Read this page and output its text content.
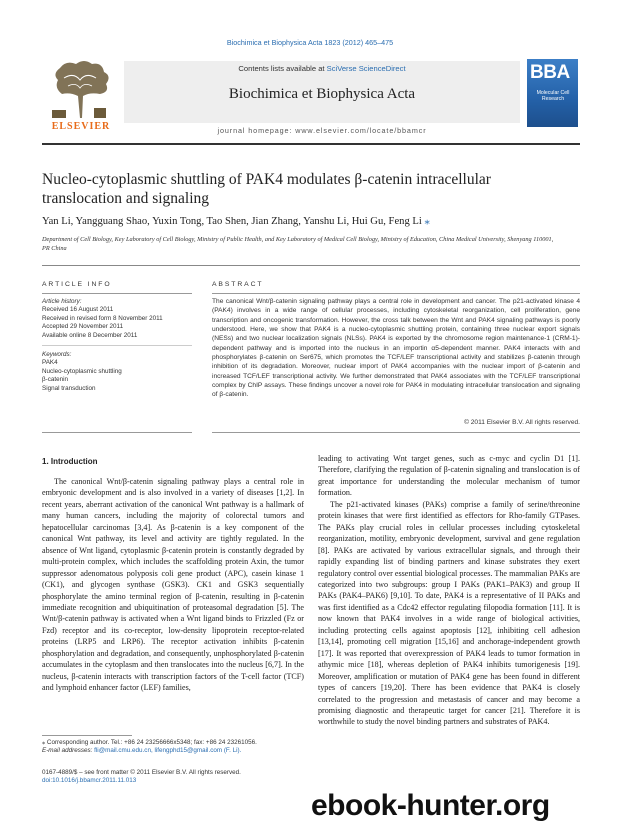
Biochimica et Biophysica Acta 1823 (2012) 465–475
ELSEVIER
Contents lists available at SciVerse ScienceDirect
Biochimica et Biophysica Acta
journal homepage: www.elsevier.com/locate/bbamcr
BBA
Molecular Cell Research
Nucleo-cytoplasmic shuttling of PAK4 modulates β-catenin intracellular translocation and signaling
Yan Li, Yangguang Shao, Yuxin Tong, Tao Shen, Jian Zhang, Yanshu Li, Hui Gu, Feng Li ⁎
Department of Cell Biology, Key Laboratory of Cell Biology, Ministry of Public Health, and Key Laboratory of Medical Cell Biology, Ministry of Education, China Medical University, Shenyang 110001, PR China
ARTICLE INFO	ABSTRACT
Article history:
Received 16 August 2011
Received in revised form 8 November 2011
Accepted 29 November 2011
Available online 8 December 2011
Keywords:
PAK4
Nucleo-cytoplasmic shuttling
β-catenin
Signal transduction
The canonical Wnt/β-catenin signaling pathway plays a central role in development and cancer. The p21-activated kinase 4 (PAK4) involves in a wide range of cellular processes, including cytoskeletal reorganization, cell proliferation, gene transcription and oncogenic transformation. However, the cross talk between the Wnt and PAK4 signaling pathways is poorly understood. Here, we show that PAK4 is a nucleo-cytoplasmic shuttling protein, containing three nuclear export signals (NESs) and two nuclear localization signals (NLSs). PAK4 is exported by the chromosome region maintenance-1 (CRM-1)-dependent pathway and is imported into the nucleus in an importin α5-dependent manner. PAK4 interacts with and phosphorylates β-catenin on Ser675, which promotes the TCF/LEF transcriptional activity and stabilizes β-catenin through inhibition of its degradation. Moreover, nuclear import of PAK4 accompanies with the nuclear import of β-catenin and increased TCF/LEF transcriptional activity. We further demonstrated that PAK4 associates with the TCF/LEF transcriptional complex by ChIP assays. These findings uncover a novel role for PAK4 in modulating intracellular translocation and signaling of β-catenin.
© 2011 Elsevier B.V. All rights reserved.
1. Introduction
The canonical Wnt/β-catenin signaling pathway plays a central role in embryonic development and is also involved in a variety of diseases [1,2]. In recent years, aberrant activation of the canonical Wnt pathway is a hallmark of many human cancers, including the majority of colorectal tumors and hepatocellular carcinomas [3,4]. As β-catenin is a key component of the canonical Wnt pathway, its level and activity are tightly regulated. In the absence of Wnt ligand, cytoplasmic β-catenin protein is constantly degraded by multi-protein complex, which includes the scaffolding protein Axin, the tumor suppressor adenomatous polyposis coli gene product (APC), casein kinase 1 (CK1), and glycogen synthase (GSK3). CK1 and GSK3 sequentially phosphorylate the amino terminal region of β-catenin, resulting in β-catenin immediate recognition and ubiquitination of proteasomal degradation [5]. The Wnt/β-catenin pathway is activated when a Wnt ligand binds to Frizzled (Fz or Fzd) receptor and its co-receptor, low-density lipoprotein receptor-related proteins (LRP5 and LRP6). The receptor activation inhibits β-catenin phosphorylation and degradation, and consequently, unphosphorylated β-catenin accumulates in the cytoplasm and then translocates into the nucleus [6,7]. In the nucleus, β-catenin interacts with transcription factors of the T-cell factor (TCF) and lymphoid enhancer factor (LEF) families,

leading to activating Wnt target genes, such as c-myc and cyclin D1 [1]. Therefore, clarifying the regulation of β-catenin signaling and translocation is of great importance for understanding the molecular mechanism of tumor formation.

The p21-activated kinases (PAKs) comprise a family of serine/threonine protein kinases that were first identified as effectors for Rho-family GTPases. The PAKs play crucial roles in cellular processes including cytoskeletal reorganization, motility, embryonic development, survival and gene regulation [8]. PAKs are activated by various extracellular signals, and through their rapidly expanding list of binding partners and kinase substrates they exert regulatory control over essential biological processes. The mammalian PAKs are categorized into two subgroups: group I PAKs (PAK1–PAK3) and group II PAKs (PAK4–PAK6) [9,10]. To date, PAK4 is a representative of II PAKs and was first identified as a Cdc42 effector regulating filopodia formation [11]. It is now known that PAK4 involves in a wide range of biological activities, including protecting cells against apoptosis [12], inhibiting cell adhesion [13,14], promoting cell migration [15,16] and anchorage-independent growth [17]. It was reported that overexpression of PAK4 leads to tumor formation in athymic mice [18], whereas depletion of PAK4 inhibits tumorigenesis [19]. Moreover, amplification or mutation of PAK4 gene has been found in different types of cancers [19,20]. There has been evidence that PAK4 is closely correlated to the progression and metastasis of cancer and may become a promising diagnostic and therapeutic target for cancer [21]. Therefore it is worthwhile to study the novel binding partners and substrates of PAK4.

⁎ Corresponding author. Tel.: +86 24 23256666x5348; fax: +86 24 23261056.
E-mail addresses: fli@mail.cmu.edu.cn, lifengphd15@gmail.com (F. Li).
0167-4889/$ – see front matter © 2011 Elsevier B.V. All rights reserved.
doi:10.1016/j.bbamcr.2011.11.013
ebook-hunter.org
